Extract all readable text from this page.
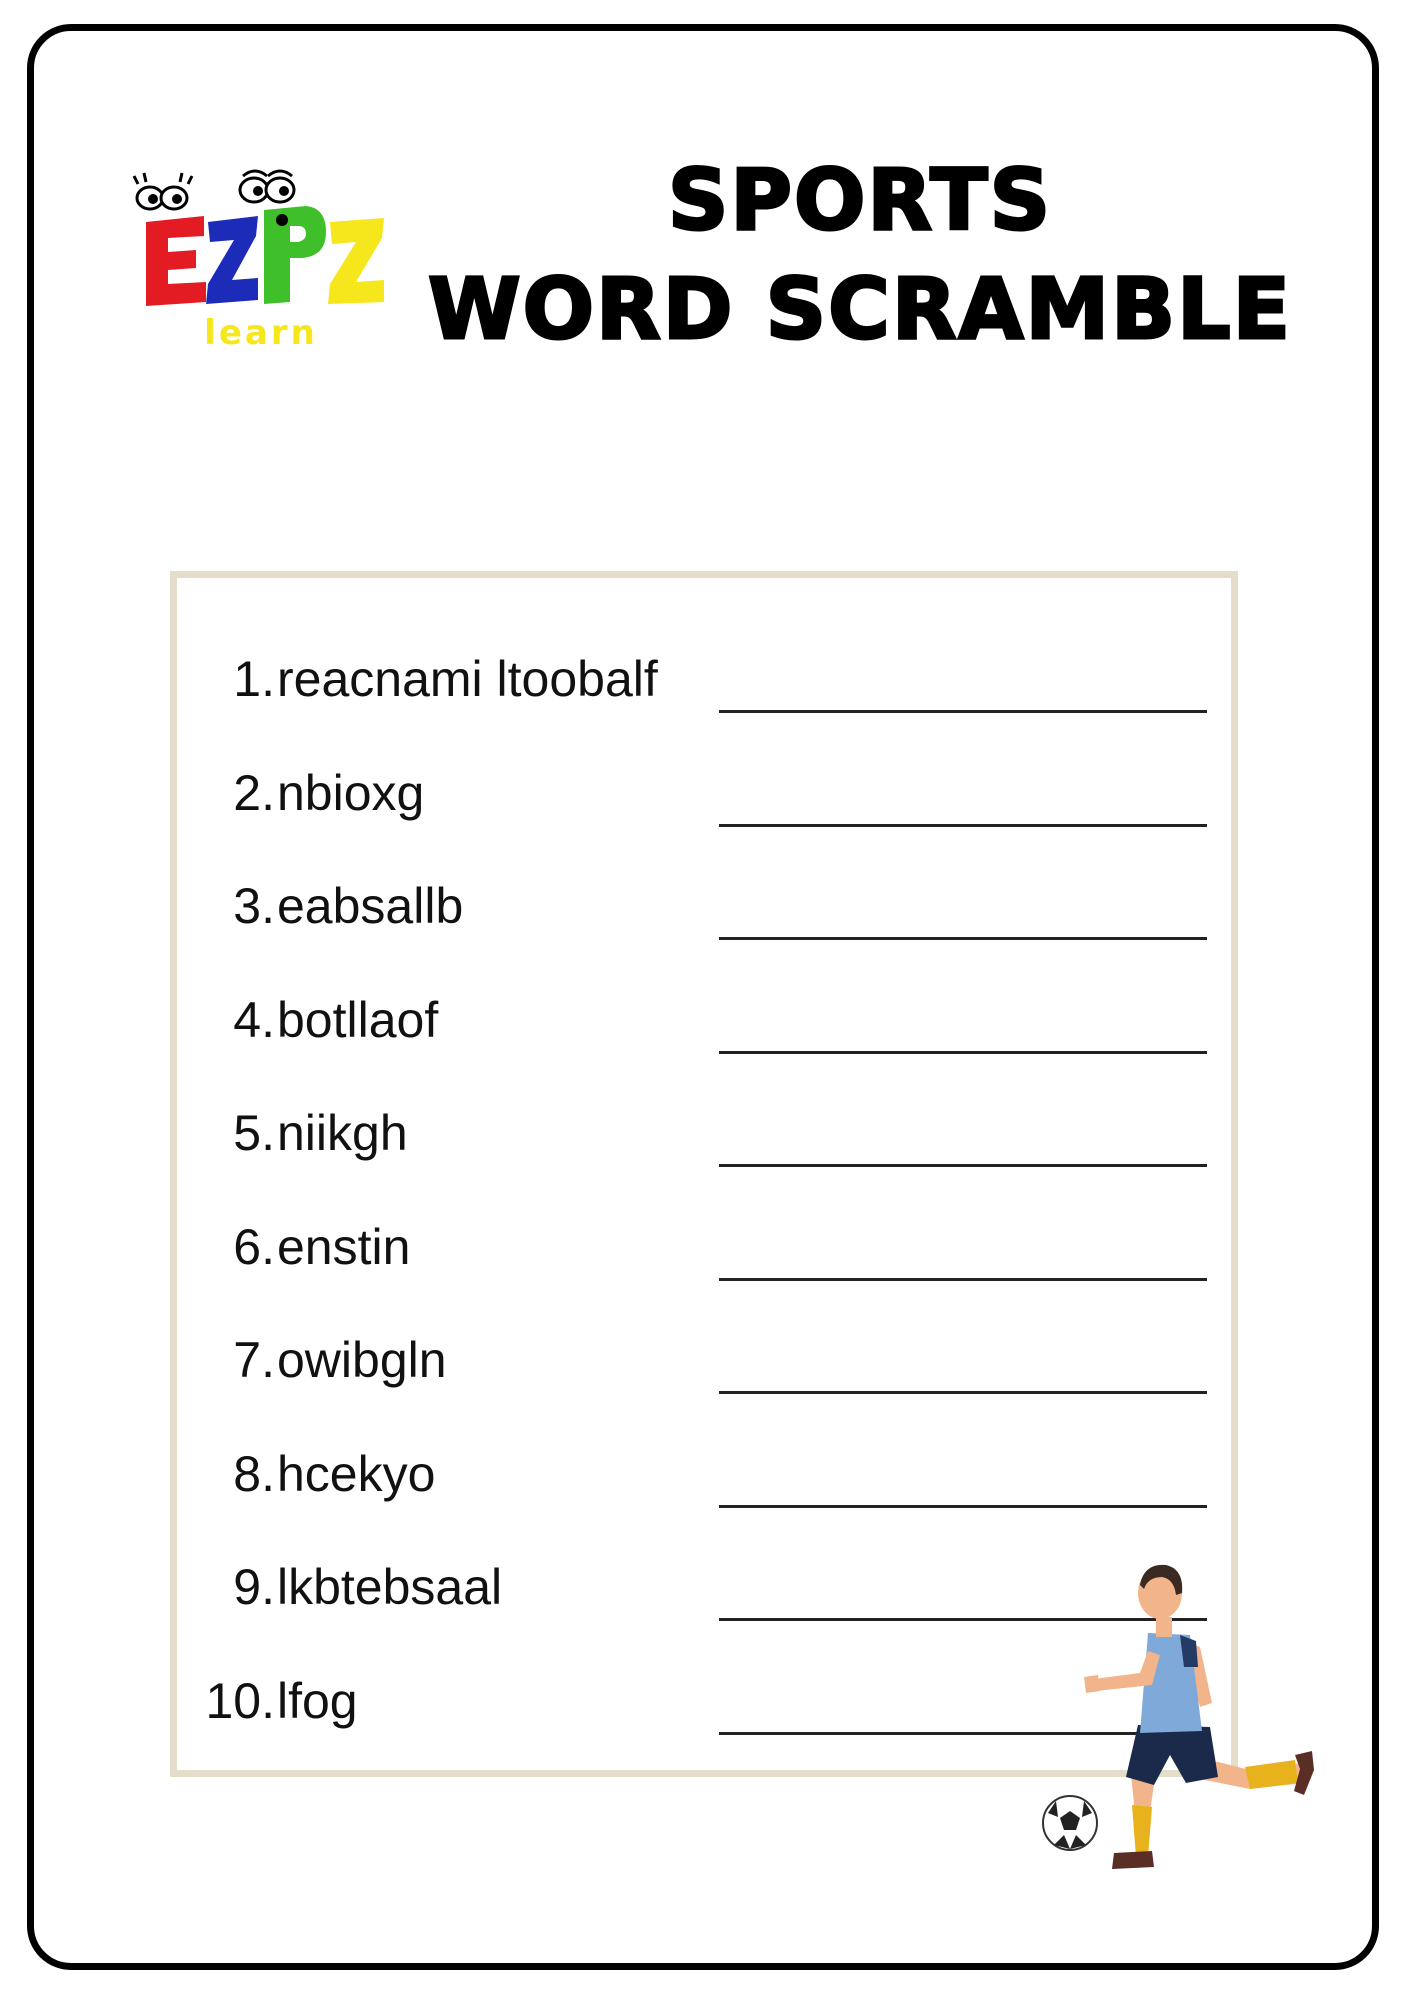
learn
SPORTS
WORD SCRAMBLE
1. reacnami ltoobalf
2. nbioxg
3. eabsallb
4. botllaof
5. niikgh
6. enstin
7. owibgln
8. hcekyo
9. lkbtebsaal
10. lfog
